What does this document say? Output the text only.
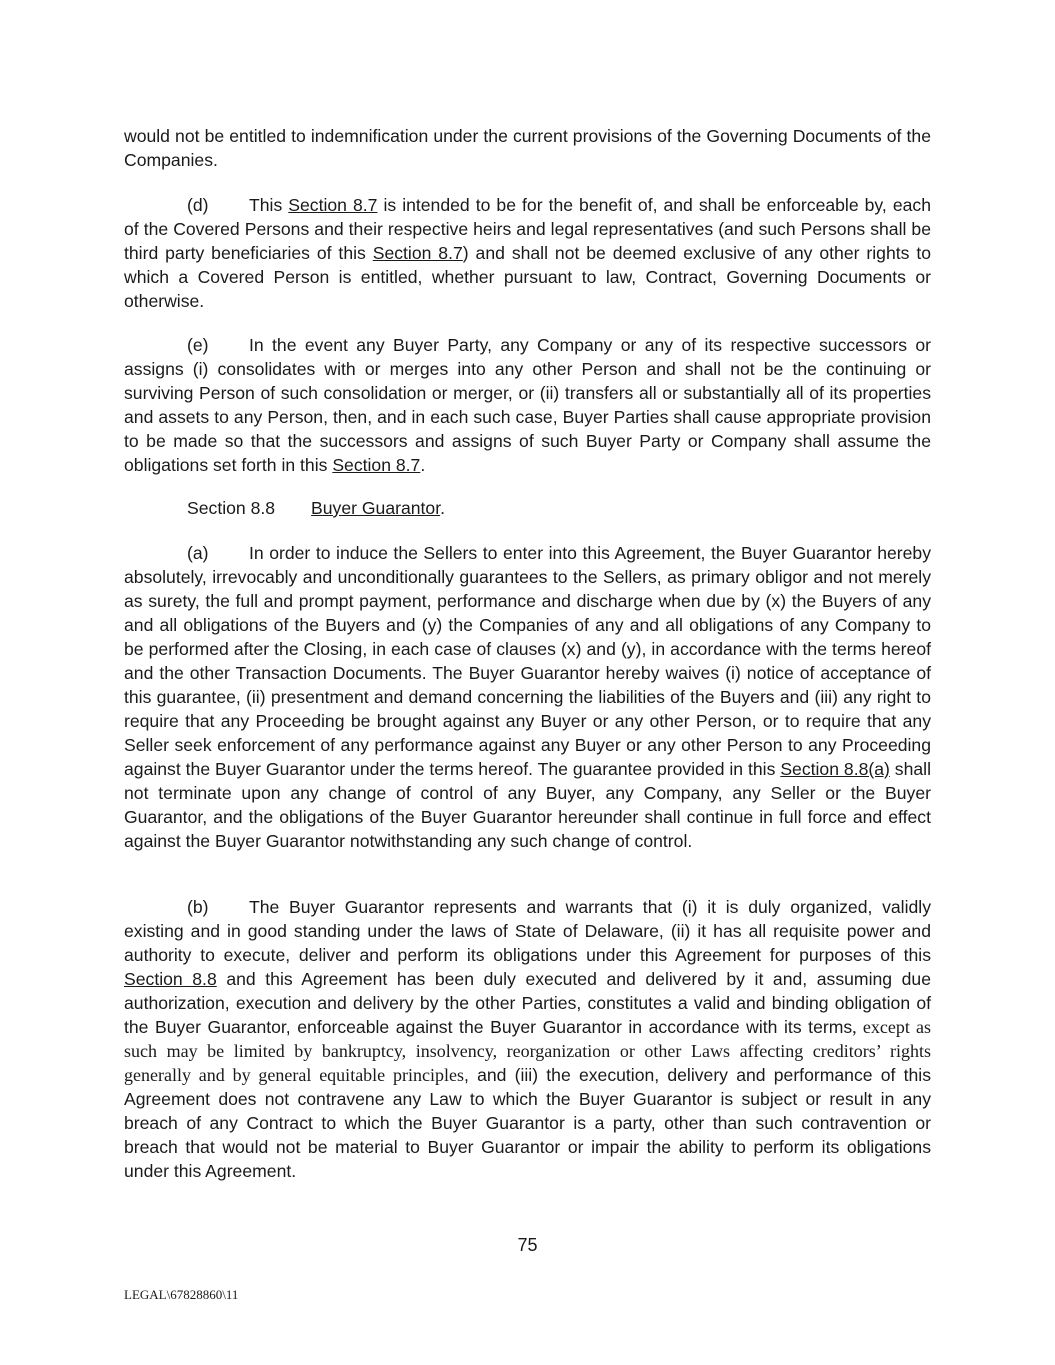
would not be entitled to indemnification under the current provisions of the Governing Documents of the Companies.

(d) This Section 8.7 is intended to be for the benefit of, and shall be enforceable by, each of the Covered Persons and their respective heirs and legal representatives (and such Persons shall be third party beneficiaries of this Section 8.7) and shall not be deemed exclusive of any other rights to which a Covered Person is entitled, whether pursuant to law, Contract, Governing Documents or otherwise.

(e) In the event any Buyer Party, any Company or any of its respective successors or assigns (i) consolidates with or merges into any other Person and shall not be the continuing or surviving Person of such consolidation or merger, or (ii) transfers all or substantially all of its properties and assets to any Person, then, and in each such case, Buyer Parties shall cause appropriate provision to be made so that the successors and assigns of such Buyer Party or Company shall assume the obligations set forth in this Section 8.7.

Section 8.8 Buyer Guarantor.

(a) In order to induce the Sellers to enter into this Agreement, the Buyer Guarantor hereby absolutely, irrevocably and unconditionally guarantees to the Sellers, as primary obligor and not merely as surety, the full and prompt payment, performance and discharge when due by (x) the Buyers of any and all obligations of the Buyers and (y) the Companies of any and all obligations of any Company to be performed after the Closing, in each case of clauses (x) and (y), in accordance with the terms hereof and the other Transaction Documents. The Buyer Guarantor hereby waives (i) notice of acceptance of this guarantee, (ii) presentment and demand concerning the liabilities of the Buyers and (iii) any right to require that any Proceeding be brought against any Buyer or any other Person, or to require that any Seller seek enforcement of any performance against any Buyer or any other Person to any Proceeding against the Buyer Guarantor under the terms hereof. The guarantee provided in this Section 8.8(a) shall not terminate upon any change of control of any Buyer, any Company, any Seller or the Buyer Guarantor, and the obligations of the Buyer Guarantor hereunder shall continue in full force and effect against the Buyer Guarantor notwithstanding any such change of control.

(b) The Buyer Guarantor represents and warrants that (i) it is duly organized, validly existing and in good standing under the laws of State of Delaware, (ii) it has all requisite power and authority to execute, deliver and perform its obligations under this Agreement for purposes of this Section 8.8 and this Agreement has been duly executed and delivered by it and, assuming due authorization, execution and delivery by the other Parties, constitutes a valid and binding obligation of the Buyer Guarantor, enforceable against the Buyer Guarantor in accordance with its terms, except as such may be limited by bankruptcy, insolvency, reorganization or other Laws affecting creditors’ rights generally and by general equitable principles, and (iii) the execution, delivery and performance of this Agreement does not contravene any Law to which the Buyer Guarantor is subject or result in any breach of any Contract to which the Buyer Guarantor is a party, other than such contravention or breach that would not be material to Buyer Guarantor or impair the ability to perform its obligations under this Agreement.

75
LEGAL\67828860\11
